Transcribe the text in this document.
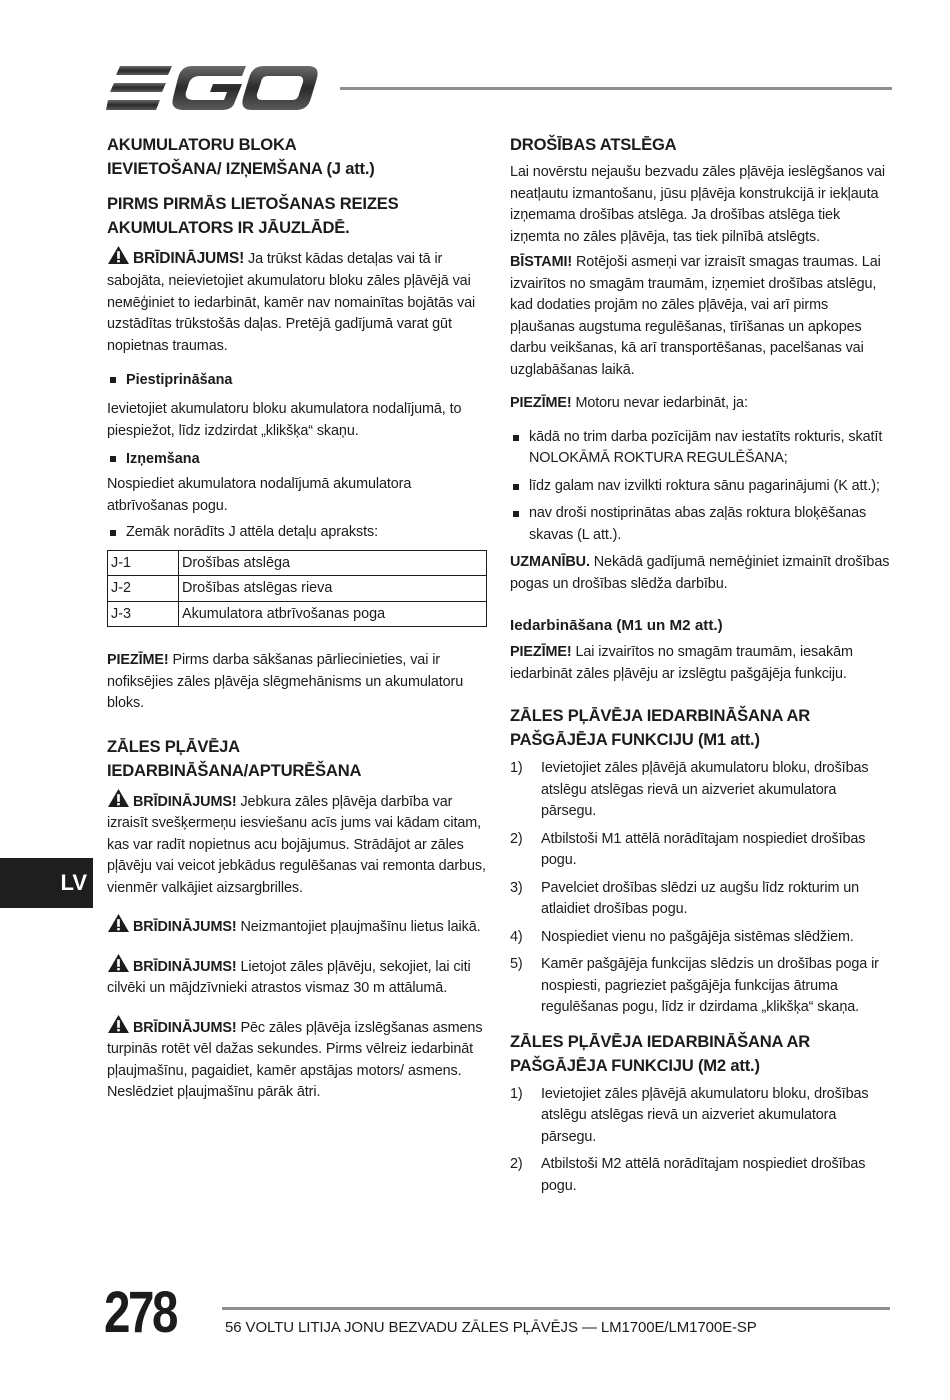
AKUMULATORU BLOKA IEVIETOŠANA/ IZŅEMŠANA (J att.)
PIRMS PIRMĀS LIETOŠANAS REIZES AKUMULATORS IR JĀUZLĀDĒ.
BRĪDINĀJUMS! Ja trūkst kādas detaļas vai tā ir sabojāta, neievietojiet akumulatoru bloku zāles pļāvējā vai neмēģiniet to iedarbināt, kamēr nav nomainītas bojātās vai uzstādītas trūkstošās daļas. Pretējā gadījumā varat gūt nopietnas traumas.
Piestiprināšana
Ievietojiet akumulatoru bloku akumulatora nodalījumā, to piespiežot, līdz izdzirdat „klikšķa“ skaņu.
Izņemšana
Nospiediet akumulatora nodalījumā akumulatora atbrīvošanas pogu.
Zemāk norādīts J attēla detaļu apraksts:
J-1	Drošības atslēga
J-2	Drošības atslēgas rieva
J-3	Akumulatora atbrīvošanas poga
PIEZĪME! Pirms darba sākšanas pārliecinieties, vai ir nofiksējies zāles pļāvēja slēgmehānisms un akumulatoru bloks.
ZĀLES PĻĀVĒJA IEDARBINĀŠANA/APTURĒŠANA
BRĪDINĀJUMS! Jebkura zāles pļāvēja darbība var izraisīt svešķermeņu iesviešanu acīs jums vai kādam citam, kas var radīt nopietnus acu bojājumus. Strādājot ar zāles pļāvēju vai veicot jebkādus regulēšanas vai remonta darbus, vienmēr valkājiet aizsargbrilles.
BRĪDINĀJUMS! Neizmantojiet pļaujmašīnu lietus laikā.
BRĪDINĀJUMS! Lietojot zāles pļāvēju, sekojiet, lai citi cilvēki un mājdzīvnieki atrastos vismaz 30 m attālumā.
BRĪDINĀJUMS! Pēc zāles pļāvēja izslēgšanas asmens turpinās rotēt vēl dažas sekundes. Pirms vēlreiz iedarbināt pļaujmašīnu, pagaidiet, kamēr apstājas motors/ asmens. Neslēdziet pļaujmašīnu pārāk ātri.
DROŠĪBAS ATSLĒGA
Lai novērstu nejaušu bezvadu zāles pļāvēja ieslēgšanos vai neatļautu izmantošanu, jūsu pļāvēja konstrukcijā ir iekļauta izņemama drošības atslēga. Ja drošības atslēga tiek izņemta no zāles pļāvēja, tas tiek pilnībā atslēgts.
BĪSTAMI! Rotējoši asmeņi var izraisīt smagas traumas. Lai izvairītos no smagām traumām, izņemiet drošības atslēgu, kad dodaties projām no zāles pļāvēja, vai arī pirms pļaušanas augstuma regulēšanas, tīrīšanas un apkopes darbu veikšanas, kā arī transportēšanas, pacelšanas vai uzglabāšanas laikā.
PIEZĪME! Motoru nevar iedarbināt, ja:
kādā no trim darba pozīcijām nav iestatīts rokturis, skatīt NOLOKĀMĀ ROKTURA REGULĒŠANA;
līdz galam nav izvilkti roktura sānu pagarinājumi (K att.);
nav droši nostiprinātas abas zaļās roktura bloķēšanas skavas (L att.).
UZMANĪBU. Nekādā gadījumā nemēģiniet izmainīt drošības pogas un drošības slēdža darbību.
Iedarbināšana (M1 un M2 att.)
PIEZĪME! Lai izvairītos no smagām traumām, iesakām iedarbināt zāles pļāvēju ar izslēgtu pašgājēja funkciju.
ZĀLES PĻĀVĒJA IEDARBINĀŠANA AR PAŠGĀJĒJA FUNKCIJU (M1 att.)
1) Ievietojiet zāles pļāvējā akumulatoru bloku, drošības atslēgu atslēgas rievā un aizveriet akumulatora pārsegu.
2) Atbilstoši M1 attēlā norādītajam nospiediet drošības pogu.
3) Pavelciet drošības slēdzi uz augšu līdz rokturim un atlaidiet drošības pogu.
4) Nospiediet vienu no pašgājēja sistēmas slēdžiem.
5) Kamēr pašgājēja funkcijas slēdzis un drošības poga ir nospiesti, pagrieziet pašgājēja funkcijas ātruma regulēšanas pogu, līdz ir dzirdama „klikšķa“ skaņa.
ZĀLES PĻĀVĒJA IEDARBINĀŠANA AR PAŠGĀJĒJA FUNKCIJU (M2 att.)
1) Ievietojiet zāles pļāvējā akumulatoru bloku, drošības atslēgu atslēgas rievā un aizveriet akumulatora pārsegu.
2) Atbilstoši M2 attēlā norādītajam nospiediet drošības pogu.
LV
278	56 VOLTU LITIJA JONU BEZVADU ZĀLES PĻĀVĒJS — LM1700E/LM1700E-SP
